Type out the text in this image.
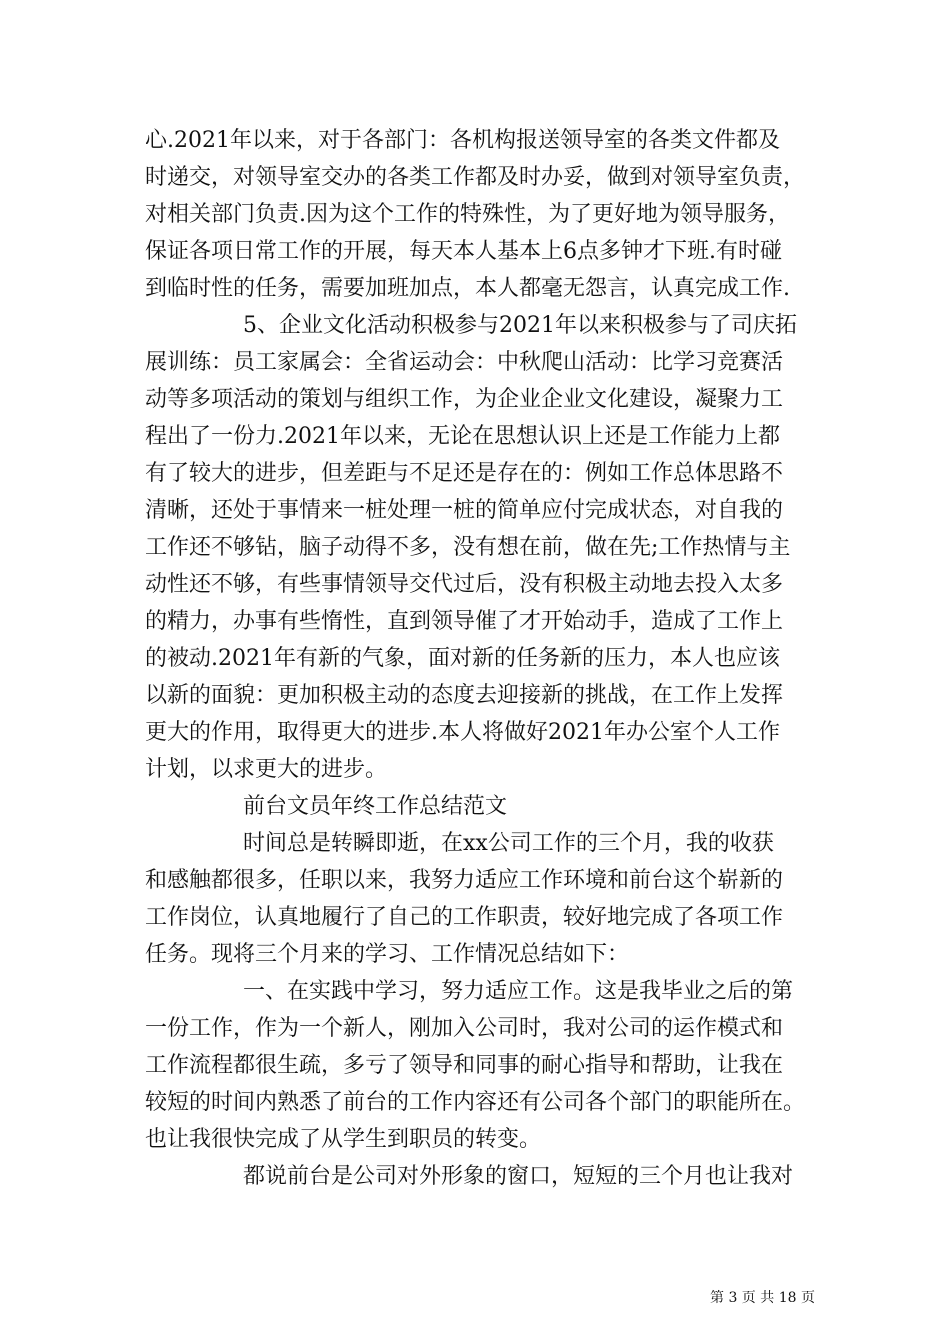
心.2021年以来，对于各部门：各机构报送领导室的各类文件都及
时递交，对领导室交办的各类工作都及时办妥，做到对领导室负责，
对相关部门负责.因为这个工作的特殊性，为了更好地为领导服务，
保证各项日常工作的开展，每天本人基本上6点多钟才下班.有时碰
到临时性的任务，需要加班加点，本人都毫无怨言，认真完成工作.
5、企业文化活动积极参与2021年以来积极参与了司庆拓
展训练：员工家属会：全省运动会：中秋爬山活动：比学习竞赛活
动等多项活动的策划与组织工作，为企业企业文化建设，凝聚力工
程出了一份力.2021年以来，无论在思想认识上还是工作能力上都
有了较大的进步，但差距与不足还是存在的：例如工作总体思路不
清晰，还处于事情来一桩处理一桩的简单应付完成状态，对自我的
工作还不够钻，脑子动得不多，没有想在前，做在先;工作热情与主
动性还不够，有些事情领导交代过后，没有积极主动地去投入太多
的精力，办事有些惰性，直到领导催了才开始动手，造成了工作上
的被动.2021年有新的气象，面对新的任务新的压力，本人也应该
以新的面貌：更加积极主动的态度去迎接新的挑战，在工作上发挥
更大的作用，取得更大的进步.本人将做好2021年办公室个人工作
计划，以求更大的进步。
前台文员年终工作总结范文
时间总是转瞬即逝，在xx公司工作的三个月，我的收获
和感触都很多，任职以来，我努力适应工作环境和前台这个崭新的
工作岗位，认真地履行了自己的工作职责，较好地完成了各项工作
任务。现将三个月来的学习、工作情况总结如下：
一、在实践中学习，努力适应工作。这是我毕业之后的第
一份工作，作为一个新人，刚加入公司时，我对公司的运作模式和
工作流程都很生疏，多亏了领导和同事的耐心指导和帮助，让我在
较短的时间内熟悉了前台的工作内容还有公司各个部门的职能所在。
也让我很快完成了从学生到职员的转变。
都说前台是公司对外形象的窗口，短短的三个月也让我对
第 3 页 共 18 页
